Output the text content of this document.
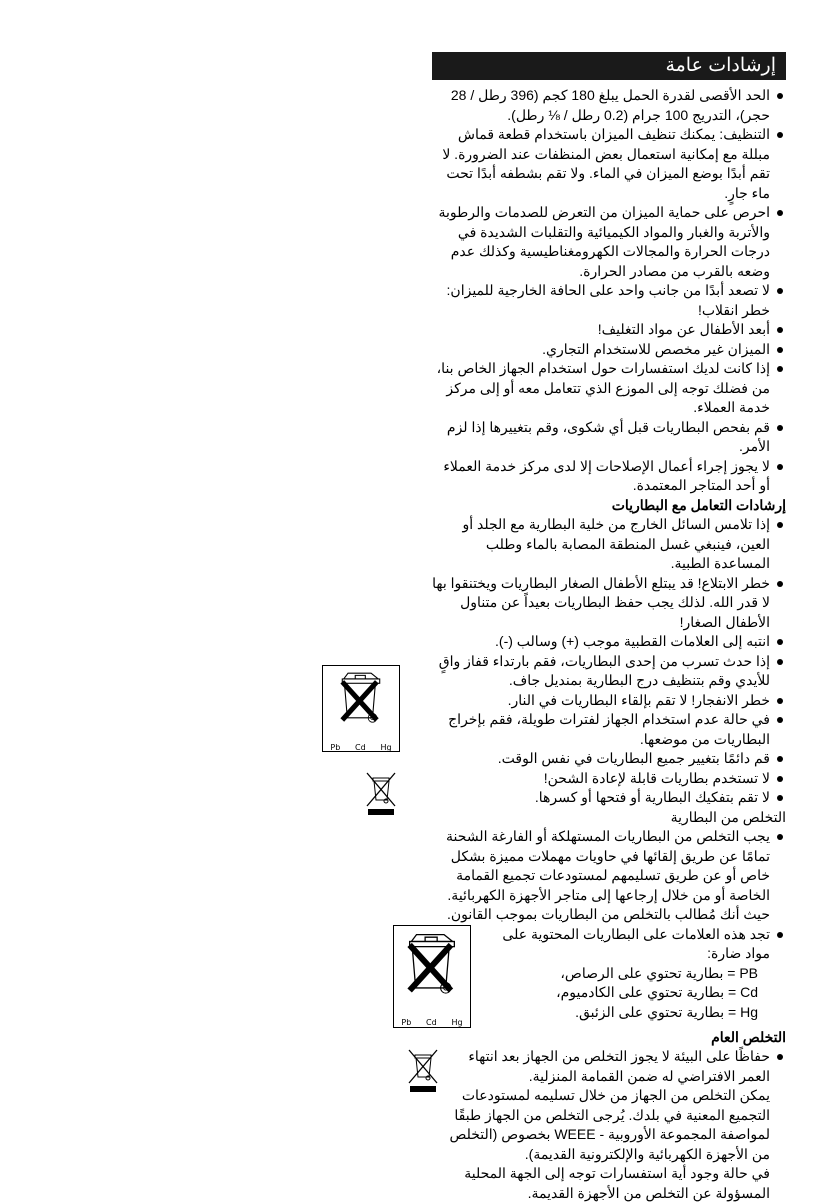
إرشادات عامة
الحد الأقصى لقدرة الحمل يبلغ 180 كجم (396 رطل / 28 حجر)، التدريج 100 جرام (0.2 رطل / ⅛ رطل).
التنظيف: يمكنك تنظيف الميزان باستخدام قطعة قماش مبللة مع إمكانية استعمال بعض المنظفات عند الضرورة. لا تقم أبدًا بوضع الميزان في الماء. ولا تقم بشطفه أبدًا تحت ماء جارٍ.
احرص على حماية الميزان من التعرض للصدمات والرطوبة والأتربة والغبار والمواد الكيميائية والتقلبات الشديدة في درجات الحرارة والمجالات الكهرومغناطيسية وكذلك عدم وضعه بالقرب من مصادر الحرارة.
لا تصعد أبدًا من جانب واحد على الحافة الخارجية للميزان: خطر انقلاب!
أبعد الأطفال عن مواد التغليف!
الميزان غير مخصص للاستخدام التجاري.
إذا كانت لديك استفسارات حول استخدام الجهاز الخاص بنا، من فضلك توجه إلى الموزع الذي تتعامل معه أو إلى مركز خدمة العملاء.
قم بفحص البطاريات قبل أي شكوى، وقم بتغييرها إذا لزم الأمر.
لا يجوز إجراء أعمال الإصلاحات إلا لدى مركز خدمة العملاء أو أحد المتاجر المعتمدة.
إرشادات التعامل مع البطاريات
إذا تلامس السائل الخارج من خلية البطارية مع الجلد أو العين، فينبغي غسل المنطقة المصابة بالماء وطلب المساعدة الطبية.
خطر الابتلاع! قد يبتلع الأطفال الصغار البطاريات ويختنقوا بها لا قدر الله. لذلك يجب حفظ البطاريات بعيداً عن متناول الأطفال الصغار!
انتبه إلى العلامات القطبية موجب (+) وسالب (-).
إذا حدث تسرب من إحدى البطاريات، فقم بارتداء قفاز واقٍ للأيدي وقم بتنظيف درج البطارية بمنديل جاف.
خطر الانفجار! لا تقم بإلقاء البطاريات في النار.
في حالة عدم استخدام الجهاز لفترات طويلة، فقم بإخراج البطاريات من موضعها.
قم دائمًا بتغيير جميع البطاريات في نفس الوقت.
لا تستخدم بطاريات قابلة لإعادة الشحن!
لا تقم بتفكيك البطارية أو فتحها أو كسرها.
التخلص من البطارية
يجب التخلص من البطاريات المستهلكة أو الفارغة الشحنة تمامًا عن طريق إلقائها في حاويات مهملات مميزة بشكل خاص أو عن طريق تسليمهم لمستودعات تجميع القمامة الخاصة أو من خلال إرجاعها إلى متاجر الأجهزة الكهربائية. حيث أنك مُطالب بالتخلص من البطاريات بموجب القانون.
Pb Cd Hg
تجد هذه العلامات على البطاريات المحتوية على مواد ضارة:

PB = بطارية تحتوي على الرصاص،

Cd = بطارية تحتوي على الكادميوم،

Hg = بطارية تحتوي على الزئبق.

التخلص العام
حفاظًا على البيئة لا يجوز التخلص من الجهاز بعد انتهاء العمر الافتراضي له ضمن القمامة المنزلية.

يمكن التخلص من الجهاز من خلال تسليمه لمستودعات التجميع المعنية في بلدك. يُرجى التخلص من الجهاز طبقًا لمواصفة المجموعة الأوروبية - WEEE بخصوص (التخلص من الأجهزة الكهربائية والإلكترونية القديمة).

في حالة وجود أية استفسارات توجه إلى الجهة المحلية المسؤولة عن التخلص من الأجهزة القديمة.

Pb Cd Hg
